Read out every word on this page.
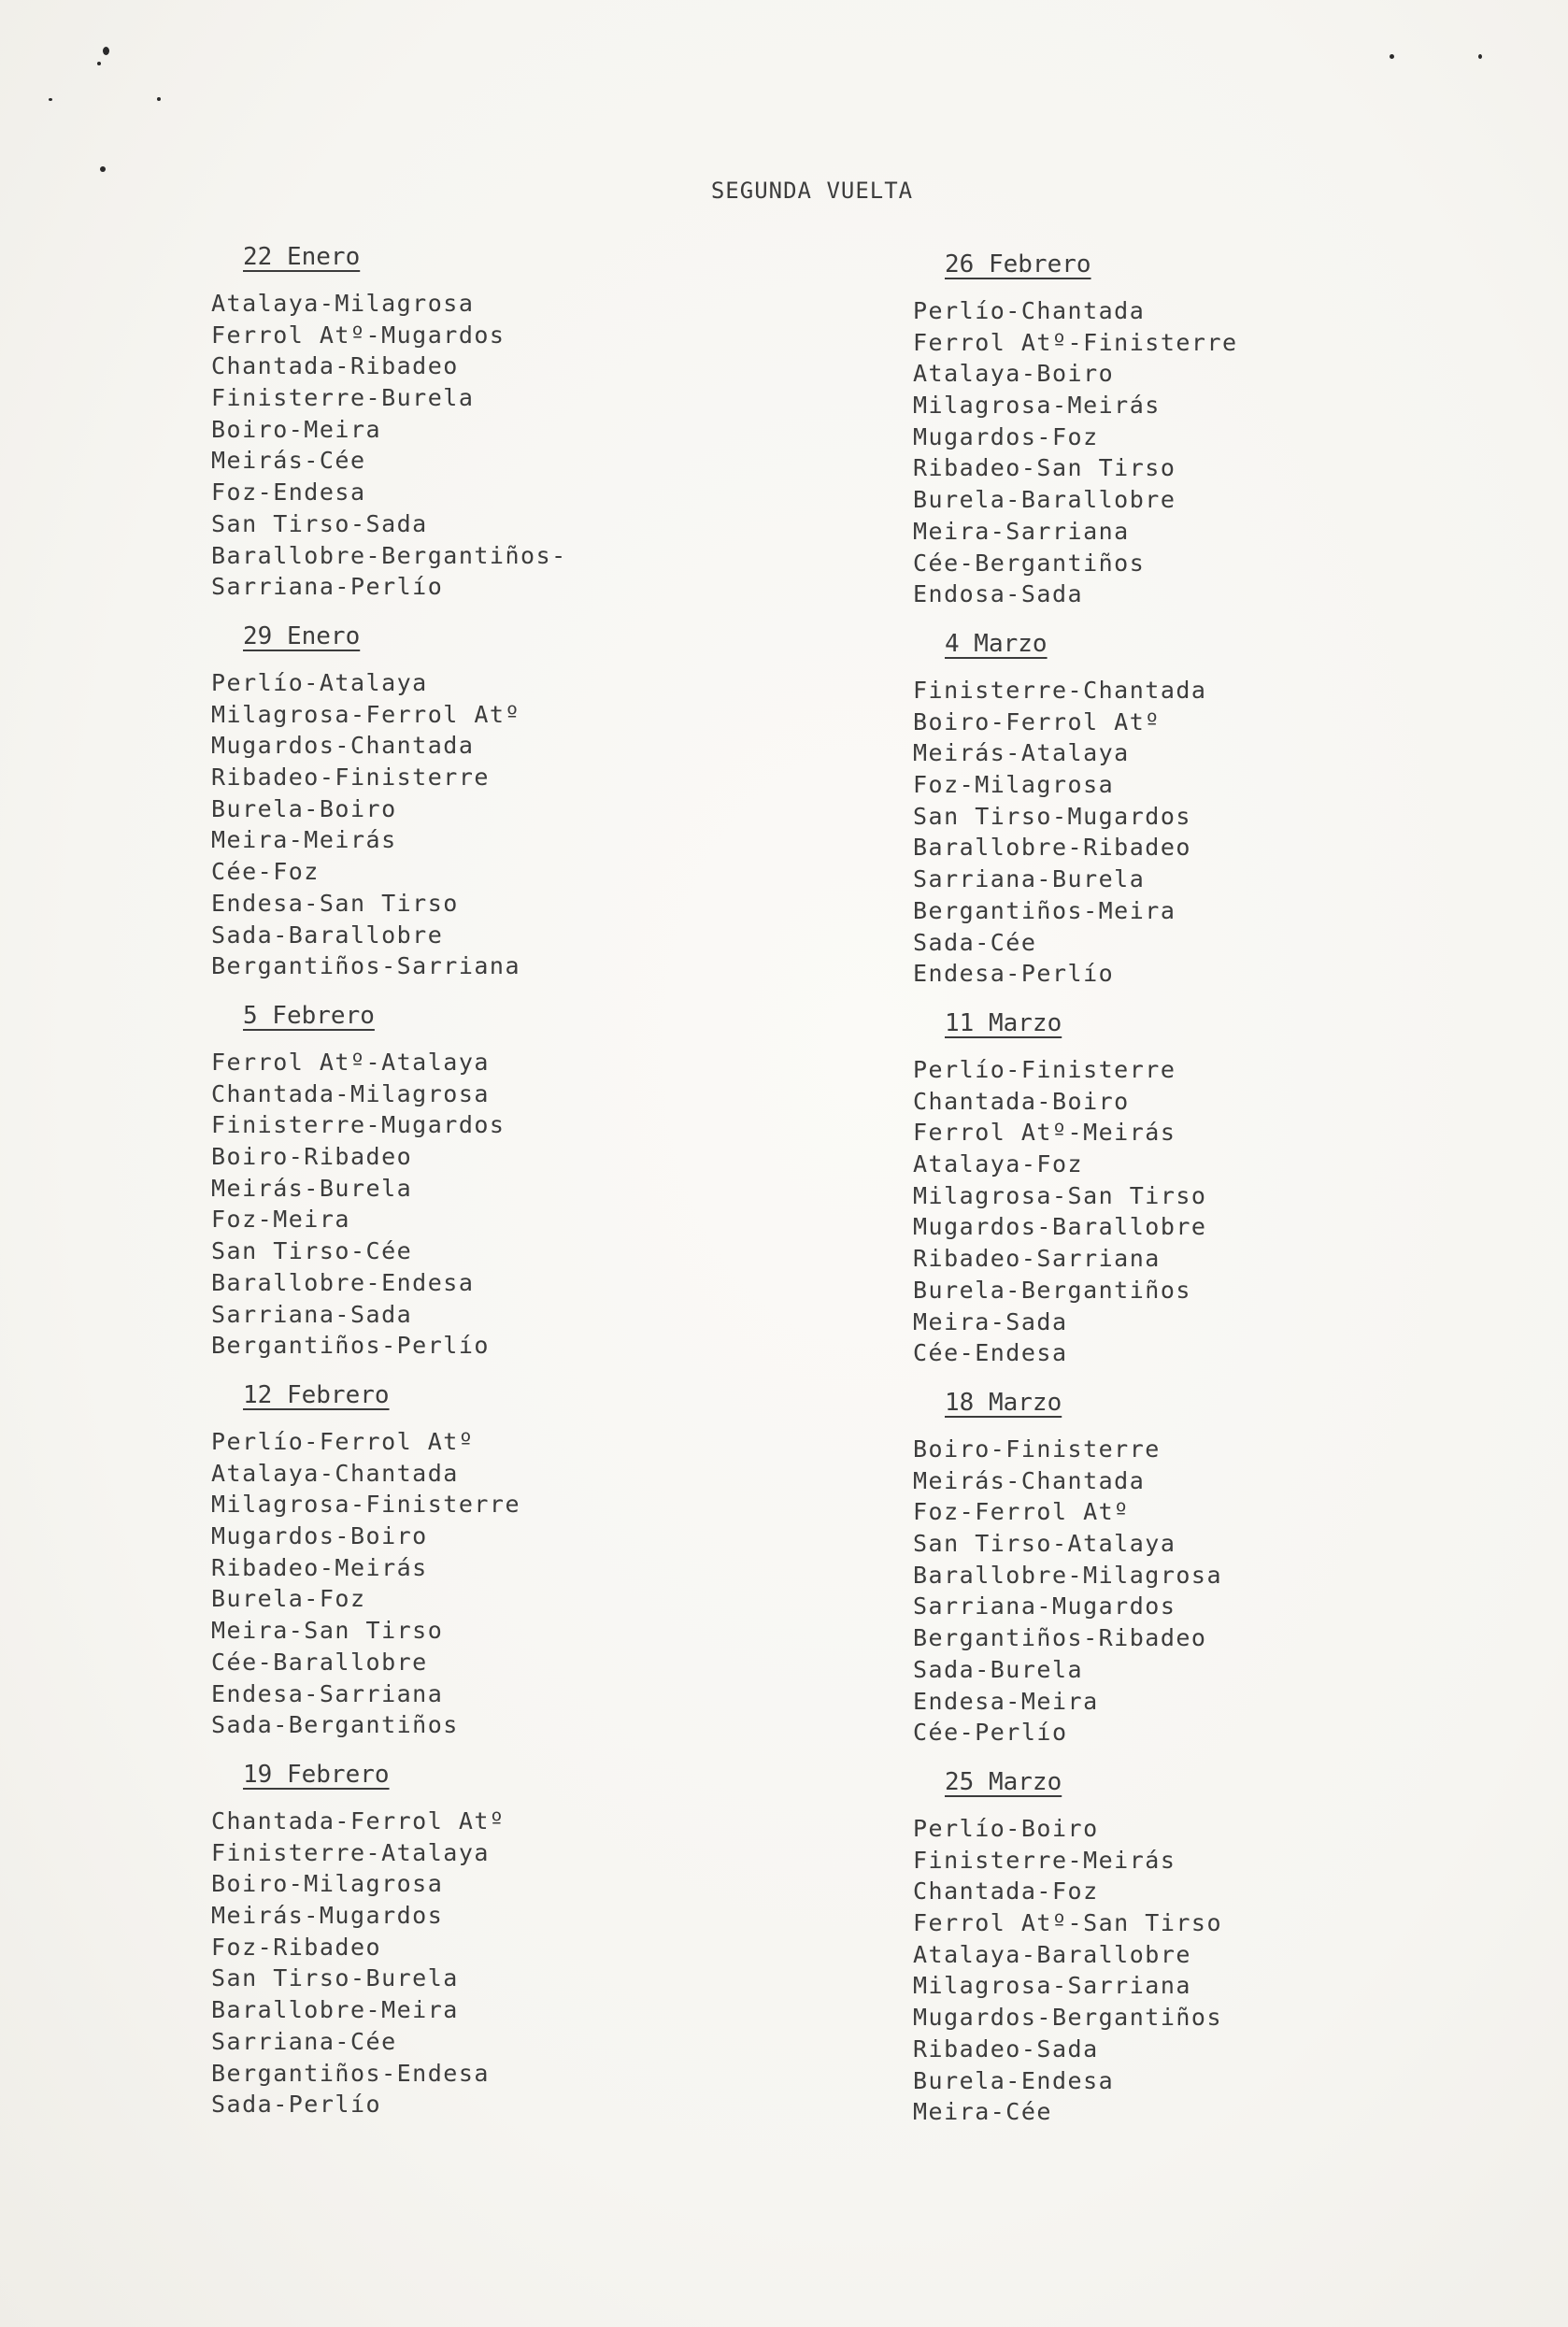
SEGUNDA VUELTA
22 Enero
Atalaya-Milagrosa
Ferrol Atº-Mugardos
Chantada-Ribadeo
Finisterre-Burela
Boiro-Meira
Meirás-Cée
Foz-Endesa
San Tirso-Sada
Barallobre-Bergantiños-
Sarriana-Perlío
29 Enero
Perlío-Atalaya
Milagrosa-Ferrol Atº
Mugardos-Chantada
Ribadeo-Finisterre
Burela-Boiro
Meira-Meirás
Cée-Foz
Endesa-San Tirso
Sada-Barallobre
Bergantiños-Sarriana
5 Febrero
Ferrol Atº-Atalaya
Chantada-Milagrosa
Finisterre-Mugardos
Boiro-Ribadeo
Meirás-Burela
Foz-Meira
San Tirso-Cée
Barallobre-Endesa
Sarriana-Sada
Bergantiños-Perlío
12 Febrero
Perlío-Ferrol Atº
Atalaya-Chantada
Milagrosa-Finisterre
Mugardos-Boiro
Ribadeo-Meirás
Burela-Foz
Meira-San Tirso
Cée-Barallobre
Endesa-Sarriana
Sada-Bergantiños
19 Febrero
Chantada-Ferrol Atº
Finisterre-Atalaya
Boiro-Milagrosa
Meirás-Mugardos
Foz-Ribadeo
San Tirso-Burela
Barallobre-Meira
Sarriana-Cée
Bergantiños-Endesa
Sada-Perlío
26 Febrero
Perlío-Chantada
Ferrol Atº-Finisterre
Atalaya-Boiro
Milagrosa-Meirás
Mugardos-Foz
Ribadeo-San Tirso
Burela-Barallobre
Meira-Sarriana
Cée-Bergantiños
Endosa-Sada
4 Marzo
Finisterre-Chantada
Boiro-Ferrol Atº
Meirás-Atalaya
Foz-Milagrosa
San Tirso-Mugardos
Barallobre-Ribadeo
Sarriana-Burela
Bergantiños-Meira
Sada-Cée
Endesa-Perlío
11 Marzo
Perlío-Finisterre
Chantada-Boiro
Ferrol Atº-Meirás
Atalaya-Foz
Milagrosa-San Tirso
Mugardos-Barallobre
Ribadeo-Sarriana
Burela-Bergantiños
Meira-Sada
Cée-Endesa
18 Marzo
Boiro-Finisterre
Meirás-Chantada
Foz-Ferrol Atº
San Tirso-Atalaya
Barallobre-Milagrosa
Sarriana-Mugardos
Bergantiños-Ribadeo
Sada-Burela
Endesa-Meira
Cée-Perlío
25 Marzo
Perlío-Boiro
Finisterre-Meirás
Chantada-Foz
Ferrol Atº-San Tirso
Atalaya-Barallobre
Milagrosa-Sarriana
Mugardos-Bergantiños
Ribadeo-Sada
Burela-Endesa
Meira-Cée
